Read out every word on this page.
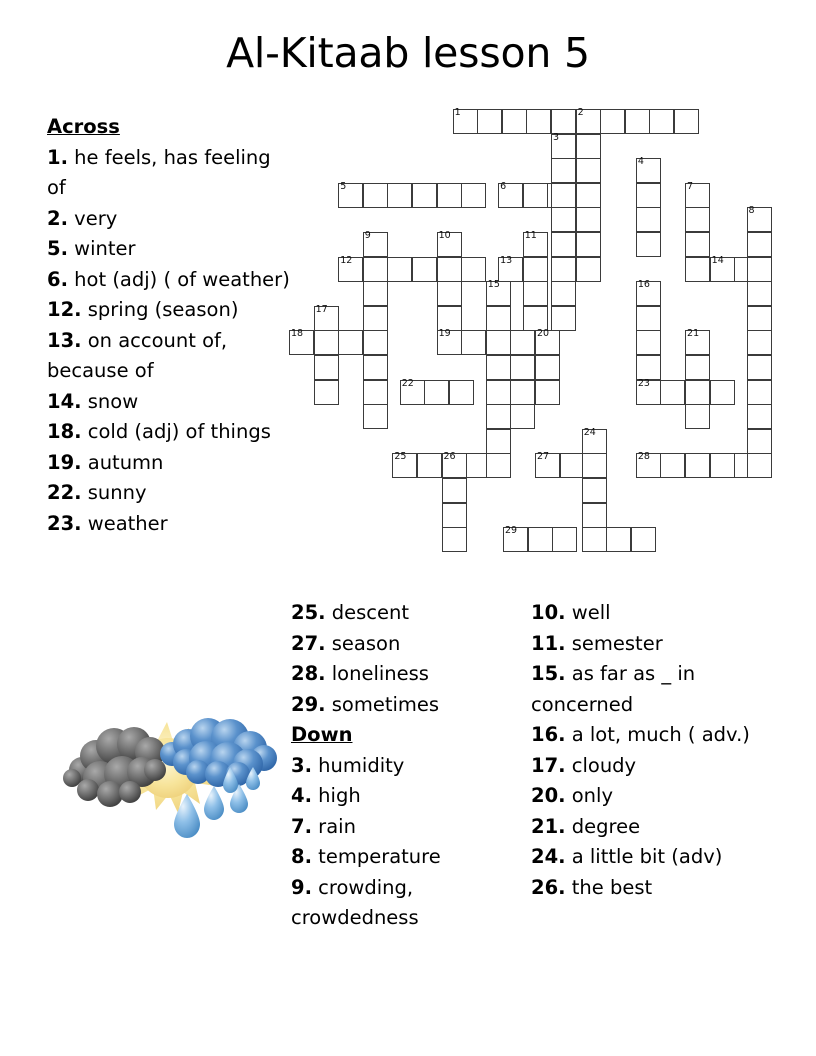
Al-Kitaab lesson 5
1	2
3
4
5	6	7
8
9	10	11
12	13	14
15	16
17
18	19	20	21
22	23
24
25	26	27	28
29
Across
1. he feels, has feeling of
2. very
5. winter
6. hot (adj) ( of weather)
12. spring (season)
13. on account of, because of
14. snow
18. cold (adj) of things
19. autumn
22. sunny
23. weather
25. descent
27. season
28. loneliness
29. sometimes
Down
3. humidity
4. high
7. rain
8. temperature
9. crowding, crowdedness
10. well
11. semester
15. as far as _ in concerned
16. a lot, much ( adv.)
17. cloudy
20. only
21. degree
24. a little bit (adv)
26. the best
